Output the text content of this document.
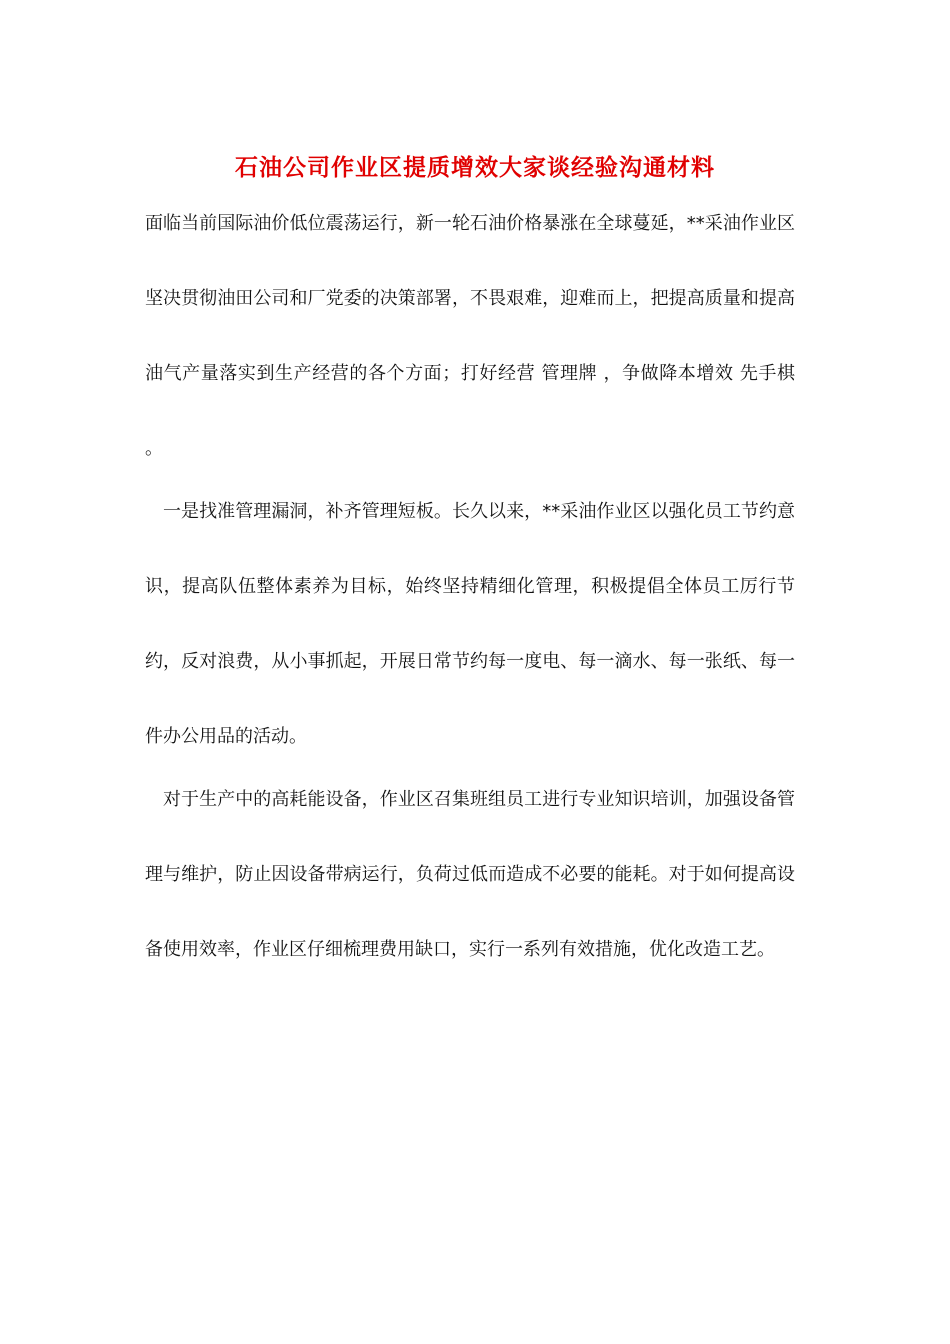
石油公司作业区提质增效大家谈经验沟通材料

面临当前国际油价低位震荡运行，新一轮石油价格暴涨在全球蔓延，**采油作业区坚决贯彻油田公司和厂党委的决策部署，不畏艰难，迎难而上，把提高质量和提高油气产量落实到生产经营的各个方面；打好经营 管理牌 ，争做降本增效 先手棋 。

一是找准管理漏洞，补齐管理短板。长久以来，**采油作业区以强化员工节约意识，提高队伍整体素养为目标，始终坚持精细化管理，积极提倡全体员工厉行节约，反对浪费，从小事抓起，开展日常节约每一度电、每一滴水、每一张纸、每一件办公用品的活动。

对于生产中的高耗能设备，作业区召集班组员工进行专业知识培训，加强设备管理与维护，防止因设备带病运行，负荷过低而造成不必要的能耗。对于如何提高设备使用效率，作业区仔细梳理费用缺口，实行一系列有效措施，优化改造工艺。
